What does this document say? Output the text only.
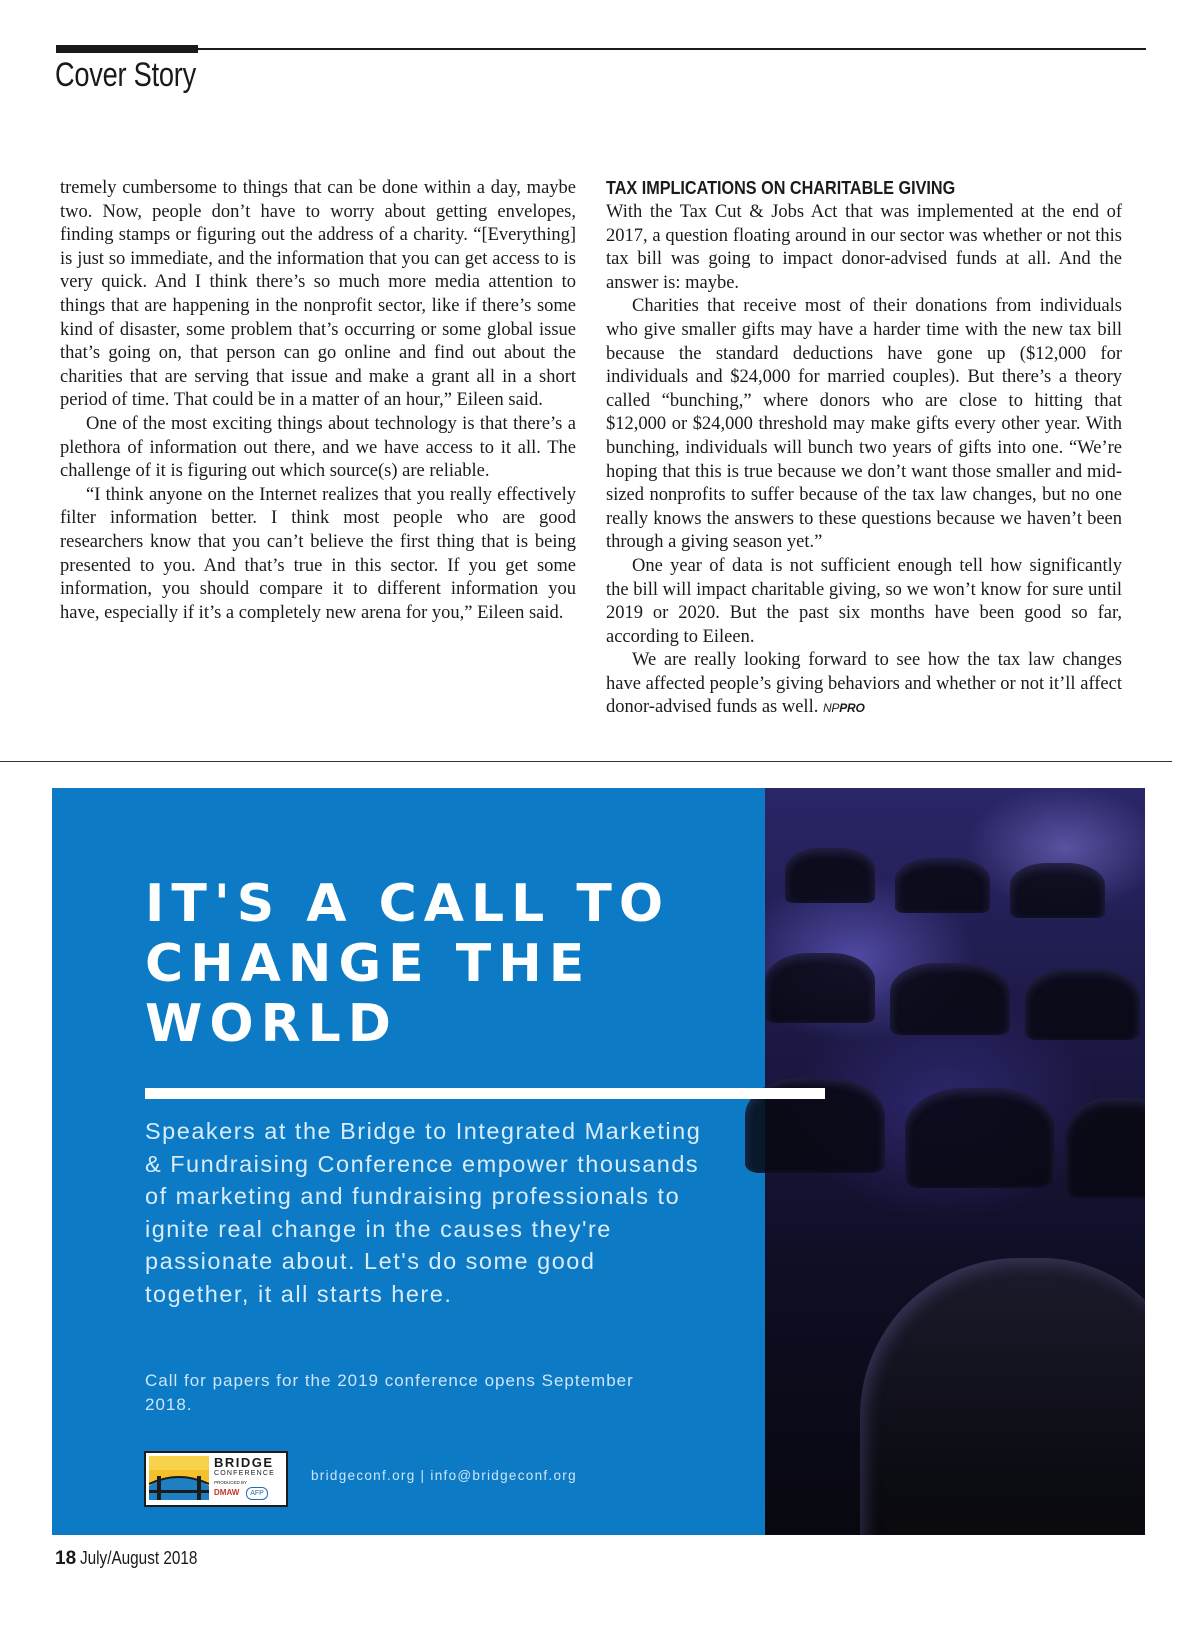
Cover Story

tremely cumbersome to things that can be done within a day, maybe two. Now, people don’t have to worry about getting envelopes, finding stamps or figuring out the address of a charity. “[Everything] is just so immediate, and the information that you can get access to is very quick. And I think there’s so much more media attention to things that are happening in the nonprofit sector, like if there’s some kind of disaster, some problem that’s occurring or some global issue that’s going on, that person can go online and find out about the charities that are serving that issue and make a grant all in a short period of time. That could be in a matter of an hour,” Eileen said.

One of the most exciting things about technology is that there’s a plethora of information out there, and we have access to it all. The challenge of it is figuring out which source(s) are reliable.

“I think anyone on the Internet realizes that you really effectively filter information better. I think most people who are good researchers know that you can’t believe the first thing that is being presented to you. And that’s true in this sector. If you get some information, you should compare it to different information you have, especially if it’s a completely new arena for you,” Eileen said.

TAX IMPLICATIONS ON CHARITABLE GIVING

With the Tax Cut & Jobs Act that was implemented at the end of 2017, a question floating around in our sector was whether or not this tax bill was going to impact donor-advised funds at all. And the answer is: maybe.

Charities that receive most of their donations from individuals who give smaller gifts may have a harder time with the new tax bill because the standard deductions have gone up ($12,000 for individuals and $24,000 for married couples). But there’s a theory called “bunching,” where donors who are close to hitting that $12,000 or $24,000 threshold may make gifts every other year. With bunching, individuals will bunch two years of gifts into one. “We’re hoping that this is true because we don’t want those smaller and mid-sized nonprofits to suffer because of the tax law changes, but no one really knows the answers to these questions because we haven’t been through a giving season yet.”

One year of data is not sufficient enough tell how significantly the bill will impact charitable giving, so we won’t know for sure until 2019 or 2020. But the past six months have been good so far, according to Eileen.

We are really looking forward to see how the tax law changes have affected people’s giving behaviors and whether or not it’ll affect donor-advised funds as well. NPPRO

IT'S A CALL TO
CHANGE THE
WORLD

Speakers at the Bridge to Integrated Marketing & Fundraising Conference empower thousands of marketing and fundraising professionals to ignite real change in the causes they're passionate about. Let's do some good together, it all starts here.

Call for papers for the 2019 conference opens September 2018.

BRIDGE
CONFERENCE
PRODUCED BY
DMAW	AFP
bridgeconf.org | info@bridgeconf.org
18 July/August 2018
